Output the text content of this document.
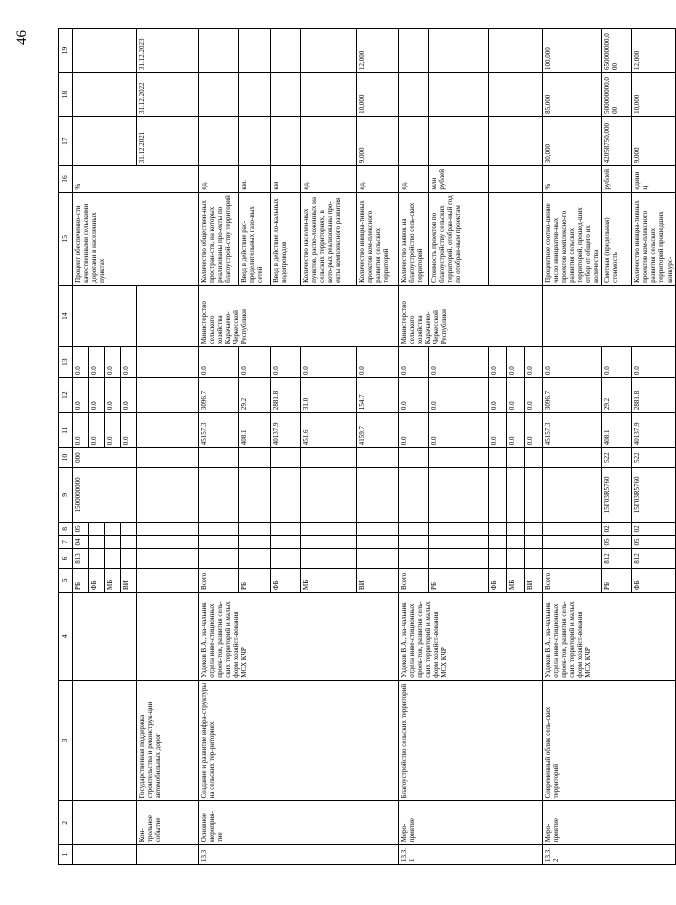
46
1	2	3	4	5	6	7	8	9	10	11	12	13	14	15	16	17	18	19
				РБ	813	04	05	1500000000	000	0.0	0.0	0.0		Процент обеспеченно-сти качественными сельскими дорогами в населенных пунктах	%			
				ФБ						0.0	0.0	0.0						
				МБ						0.0	0.0	0.0						
				ВИ						0.0	0.0	0.0						
	Кон-трольное событие	Государственная поддержка строительства и реконструк-ции автомобильных дорог														31.12.2021	31.12.2022	31.12.2023
13.3	Основное мероприя-тие	Создание и развитие инфра-структуры на сельских тер-риториях	Уздеков В.А., на-чальник отдела инве-стиционных проек-тов, развития сель-ских территорий и малых форм хозяйст-вования МСХ КЧР	Всего						45157.3	3096.7	0.0	Министерство сельского хозяйства Карачаево-Черкесской Республики	Количество обществен-ных простран-ств, на которых реализованы про-екты по благоустрой-ству территорий	ед.			
				РБ						408.1	29.2	0.0		Ввод в действие рас-пределительных газо-вых сетей	км.			
				ФБ						40137.9	2881.8	0.0		Ввод в действие ло-кальных водопроводов	км			
				МБ						451.6	31.0	0.0		Количество населен-ных пунктов, распо-ложенных на сельских территориях, в кото-рых реализованы про-екты комплексного развития	ед.			
				ВИ						4159.7	154.7	0.0		Количество инициа-тивных проектов ком-плексного развития сельских территорий	ед.	9,000	10,000	12,000
13.3.1	Меро-приятие	Благоустройство сельских территорий	Уздеков В.А., на-чальник отдела инве-стиционных проек-тов, развития сель-ских территорий и малых форм хозяйст-вования МСХ КЧР	Всего						0.0	0.0	0.0	Министерство сельского хозяйства Карачаево-Черкесской Республики	Количество заявок на благоустройство сель-ских территорий	ед.			
				РБ						0.0	0.0	0.0		Стоимость проектов по благоустройству сельских территорий, отобран-ный год по отобран-ным проектам	млн рублей			
				ФБ						0.0	0.0	0.0						
				МБ						0.0	0.0	0.0						
				ВИ						0.0	0.0	0.0						
13.3.2	Меро-приятие	Современный облик сель-ских территорий	Уздеков В.А., на-чальник отдела инве-стиционных проек-тов, развития сель-ских территорий и малых форм хозяйст-вования МСХ КЧР	Всего						45157.3	3096.7	0.0		Процентное соотно-шение число инициатив-ных проектов комплексно-го развития сельских территорий, прошед-ших отбор от общего их количества	%	30,000	85,000	100,000
				РБ	812	05	02	15Г03R5760	522	408.1	29.2	0.0		Сметная (предельная) стоимость	рублей	42058750,000	500000000,000	650000000,000
				ФБ	812	05	02	15Г03R5760	522	40137.9	2881.8	0.0		Количество инициа-тивных проектов ком-плексного развития сельских территорий прошедших конкурс-	единиц	9,000	10,000	12,000
